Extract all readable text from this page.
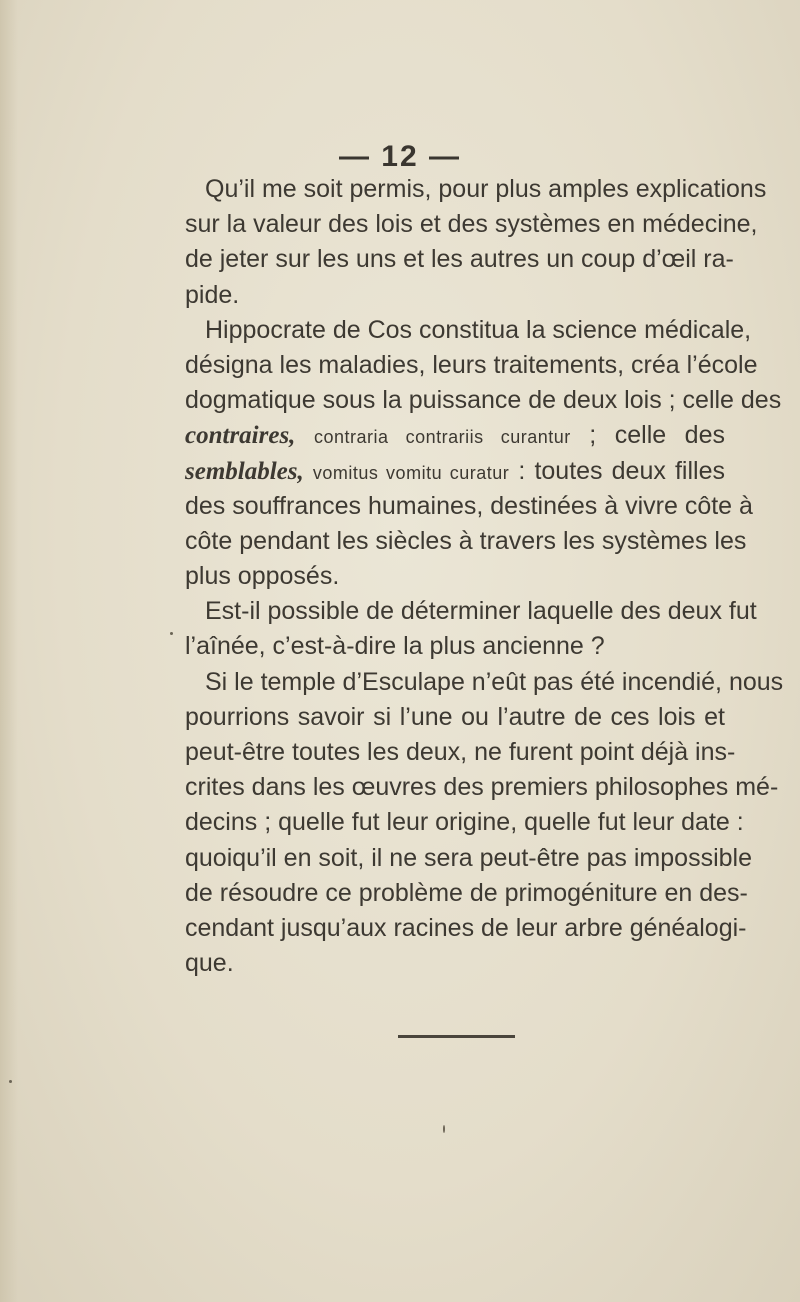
— 12 —
Qu’il me soit permis, pour plus amples explications
sur la valeur des lois et des systèmes en médecine,
de jeter sur les uns et les autres un coup d’œil ra-
pide.
Hippocrate de Cos constitua la science médicale,
désigna les maladies, leurs traitements, créa l’école
dogmatique sous la puissance de deux lois ; celle des
contraires, contraria contrariis curantur ; celle des
semblables, vomitus vomitu curatur : toutes deux filles
des souffrances humaines, destinées à vivre côte à
côte pendant les siècles à travers les systèmes les
plus opposés.
Est-il possible de déterminer laquelle des deux fut
l’aînée, c’est-à-dire la plus ancienne ?
Si le temple d’Esculape n’eût pas été incendié, nous
pourrions savoir si l’une ou l’autre de ces lois et
peut-être toutes les deux, ne furent point déjà ins-
crites dans les œuvres des premiers philosophes mé-
decins ; quelle fut leur origine, quelle fut leur date :
quoiqu’il en soit, il ne sera peut-être pas impossible
de résoudre ce problème de primogéniture en des-
cendant jusqu’aux racines de leur arbre généalogi-
que.
